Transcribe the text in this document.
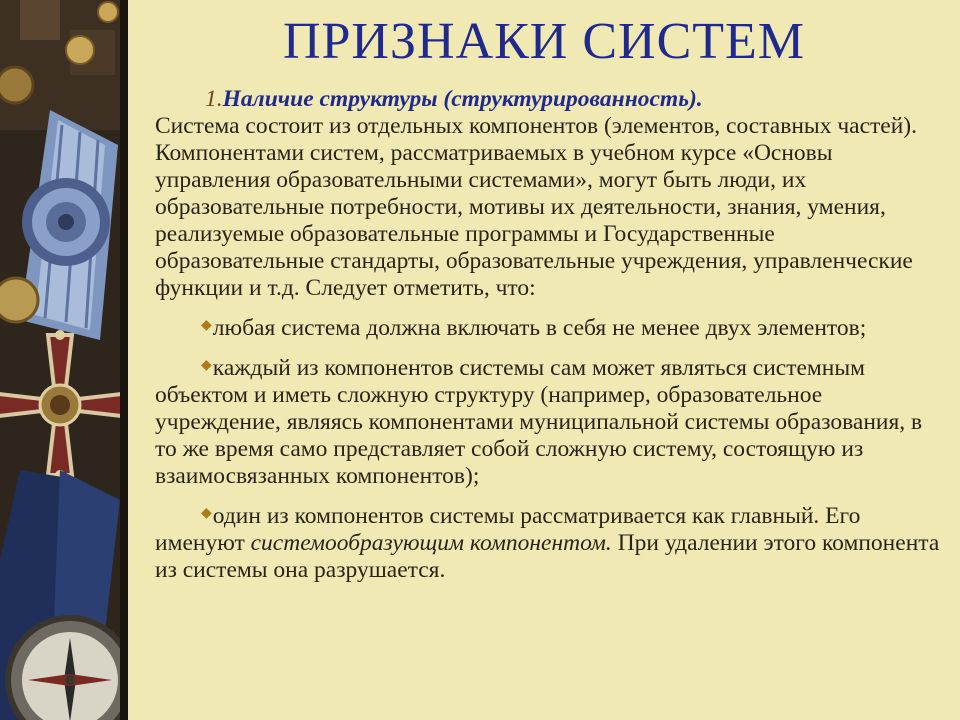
ПРИЗНАКИ СИСТЕМ

1.Наличие структуры (структурированность).

Система состоит из отдельных компонентов (элементов, составных частей). Компонентами систем, рассматриваемых в учебном курсе «Основы управления образовательными системами», могут быть люди, их образовательные потребности, мотивы их деятельности, знания, умения, реализуемые образовательные программы и Государственные образовательные стандарты, образовательные учреждения, управленческие функции и т.д. Следует отметить, что:

◆любая система должна включать в себя не менее двух элементов;

◆каждый из компонентов системы сам может являться системным объектом и иметь сложную структуру (например, образовательное учреждение, являясь компонентами муниципальной системы образования, в то же время само представляет собой сложную систему, состоящую из взаимосвязанных компонентов);

◆один из компонентов системы рассматривается как главный. Его именуют системообразующим компонентом. При удалении этого компонента из системы она разрушается.
